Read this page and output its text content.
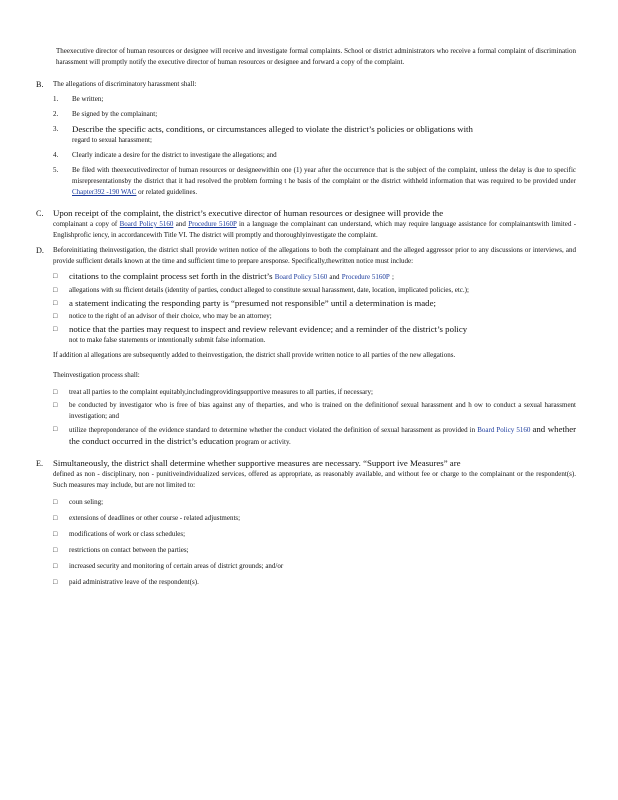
Theexecutive director of human resources or designee will receive and investigate formal complaints. School or district administrators who receive a formal complaint of discrimination harassment will promptly notify the executive director of human resources or designee and forward a copy of the complaint.

B.	The allegations of discriminatory harassment shall:

1.	Be written;

2.	Be signed by the complainant;

3.	Describe the specific acts, conditions, or circumstances alleged to violate the district’s policies or obligations with

regard to sexual harassment;

4.	Clearly indicate a desire for the district to investigate the allegations; and

5.	Be filed with theexecutivedirector of human resources or designeewithin one (1) year after the occurrence that is the subject of the complaint, unless the delay is due to specific misrepresentationsby the district that it had resolved the problem forming t he basis of the complaint or the district withheld information that was required to be provided under Chapter392 -190 WAC or related guidelines.

C.	Upon receipt of the complaint, the district’s executive director of human resources or designee will provide the

complainant a copy of Board Policy 5160 and Procedure 5160P in a language the complainant can understand, which may require language assistance for complainantswith limited - Englishprofic iency, in accordancewith Title VI. The district will promptly and thoroughlyinvestigate the complaint.

D.	Beforeinitiating theinvestigation, the district shall provide written notice of the allegations to both the complainant and the alleged aggressor prior to any discussions or interviews, and provide sufficient details known at the time and sufficient time to prepare aresponse. Specifically,thewritten notice must include:

□	citations to the complaint process set forth in the district’s Board Policy 5160 and Procedure 5160P ;

□	allegations with su fficient details (identity of parties, conduct alleged to constitute sexual harassment, date, location, implicated policies, etc.);

□	a statement indicating the responding party is “presumed not responsible” until a determination is made;

□	notice to the right of an advisor of their choice, who may be an attorney;

□	notice that the parties may request to inspect and review relevant evidence; and a reminder of the district’s policy

not to make false statements or intentionally submit false information.

If addition al allegations are subsequently added to theinvestigation, the district shall provide written notice to all parties of the new allegations.

Theinvestigation process shall:

□	treat all parties to the complaint equitably,includingprovidingsupportive measures to all parties, if necessary;

□	be conducted by investigator who is free of bias against any of theparties, and who is trained on the definitionof sexual harassment and h ow to conduct a sexual harassment investigation; and

□	utilize thepreponderance of the evidence standard to determine whether the conduct violated the definition of sexual harassment as provided in Board Policy 5160 and whether the conduct occurred in the district’s education program or activity.

E.	Simultaneously, the district shall determine whether supportive measures are necessary. “Support ive Measures” are

defined as non - disciplinary, non - punitiveindividualized services, offered as appropriate, as reasonably available, and without fee or charge to the complainant or the respondent(s). Such measures may include, but are not limited to:

□	coun seling;

□	extensions of deadlines or other course - related adjustments;

□	modifications of work or class schedules;

□	restrictions on contact between the parties;

□	increased security and monitoring of certain areas of district grounds; and/or

□	paid administrative leave of the respondent(s).
